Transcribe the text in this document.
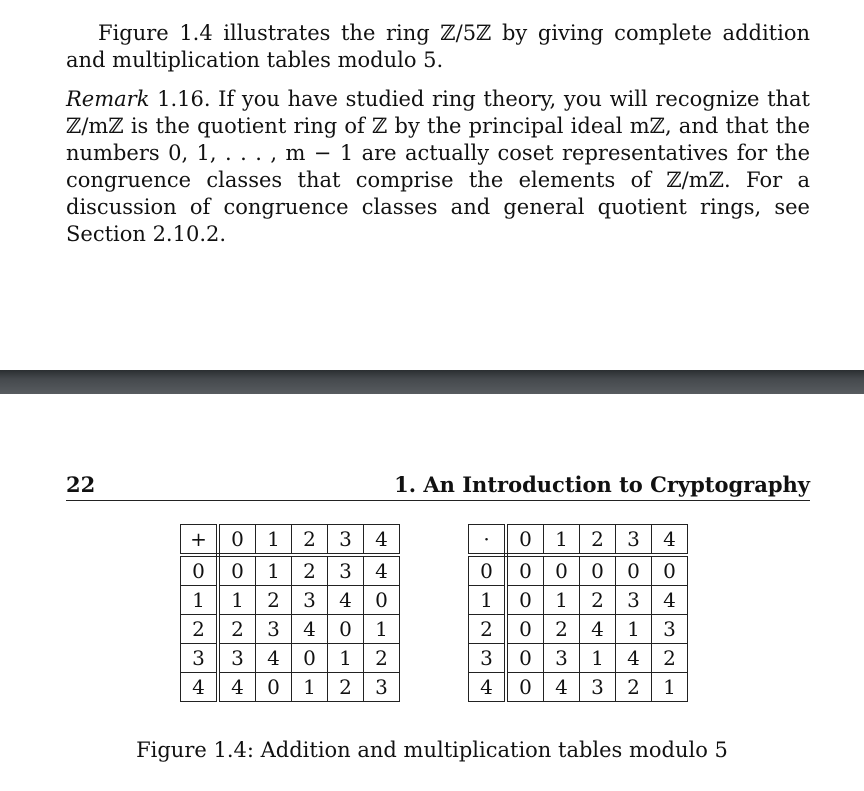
Figure 1.4 illustrates the ring ℤ/5ℤ by giving complete addition and multiplication tables modulo 5.

Remark 1.16. If you have studied ring theory, you will recognize that ℤ/mℤ is the quotient ring of ℤ by the principal ideal mℤ, and that the numbers 0, 1, . . . , m − 1 are actually coset representatives for the congruence classes that comprise the elements of ℤ/mℤ. For a discussion of congruence classes and general quotient rings, see Section 2.10.2.

22	1. An Introduction to Cryptography
+	0	1	2	3	4
0	0	1	2	3	4
1	1	2	3	4	0
2	2	3	4	0	1
3	3	4	0	1	2
4	4	0	1	2	3
·	0	1	2	3	4
0	0	0	0	0	0
1	0	1	2	3	4
2	0	2	4	1	3
3	0	3	1	4	2
4	0	4	3	2	1
Figure 1.4: Addition and multiplication tables modulo 5
